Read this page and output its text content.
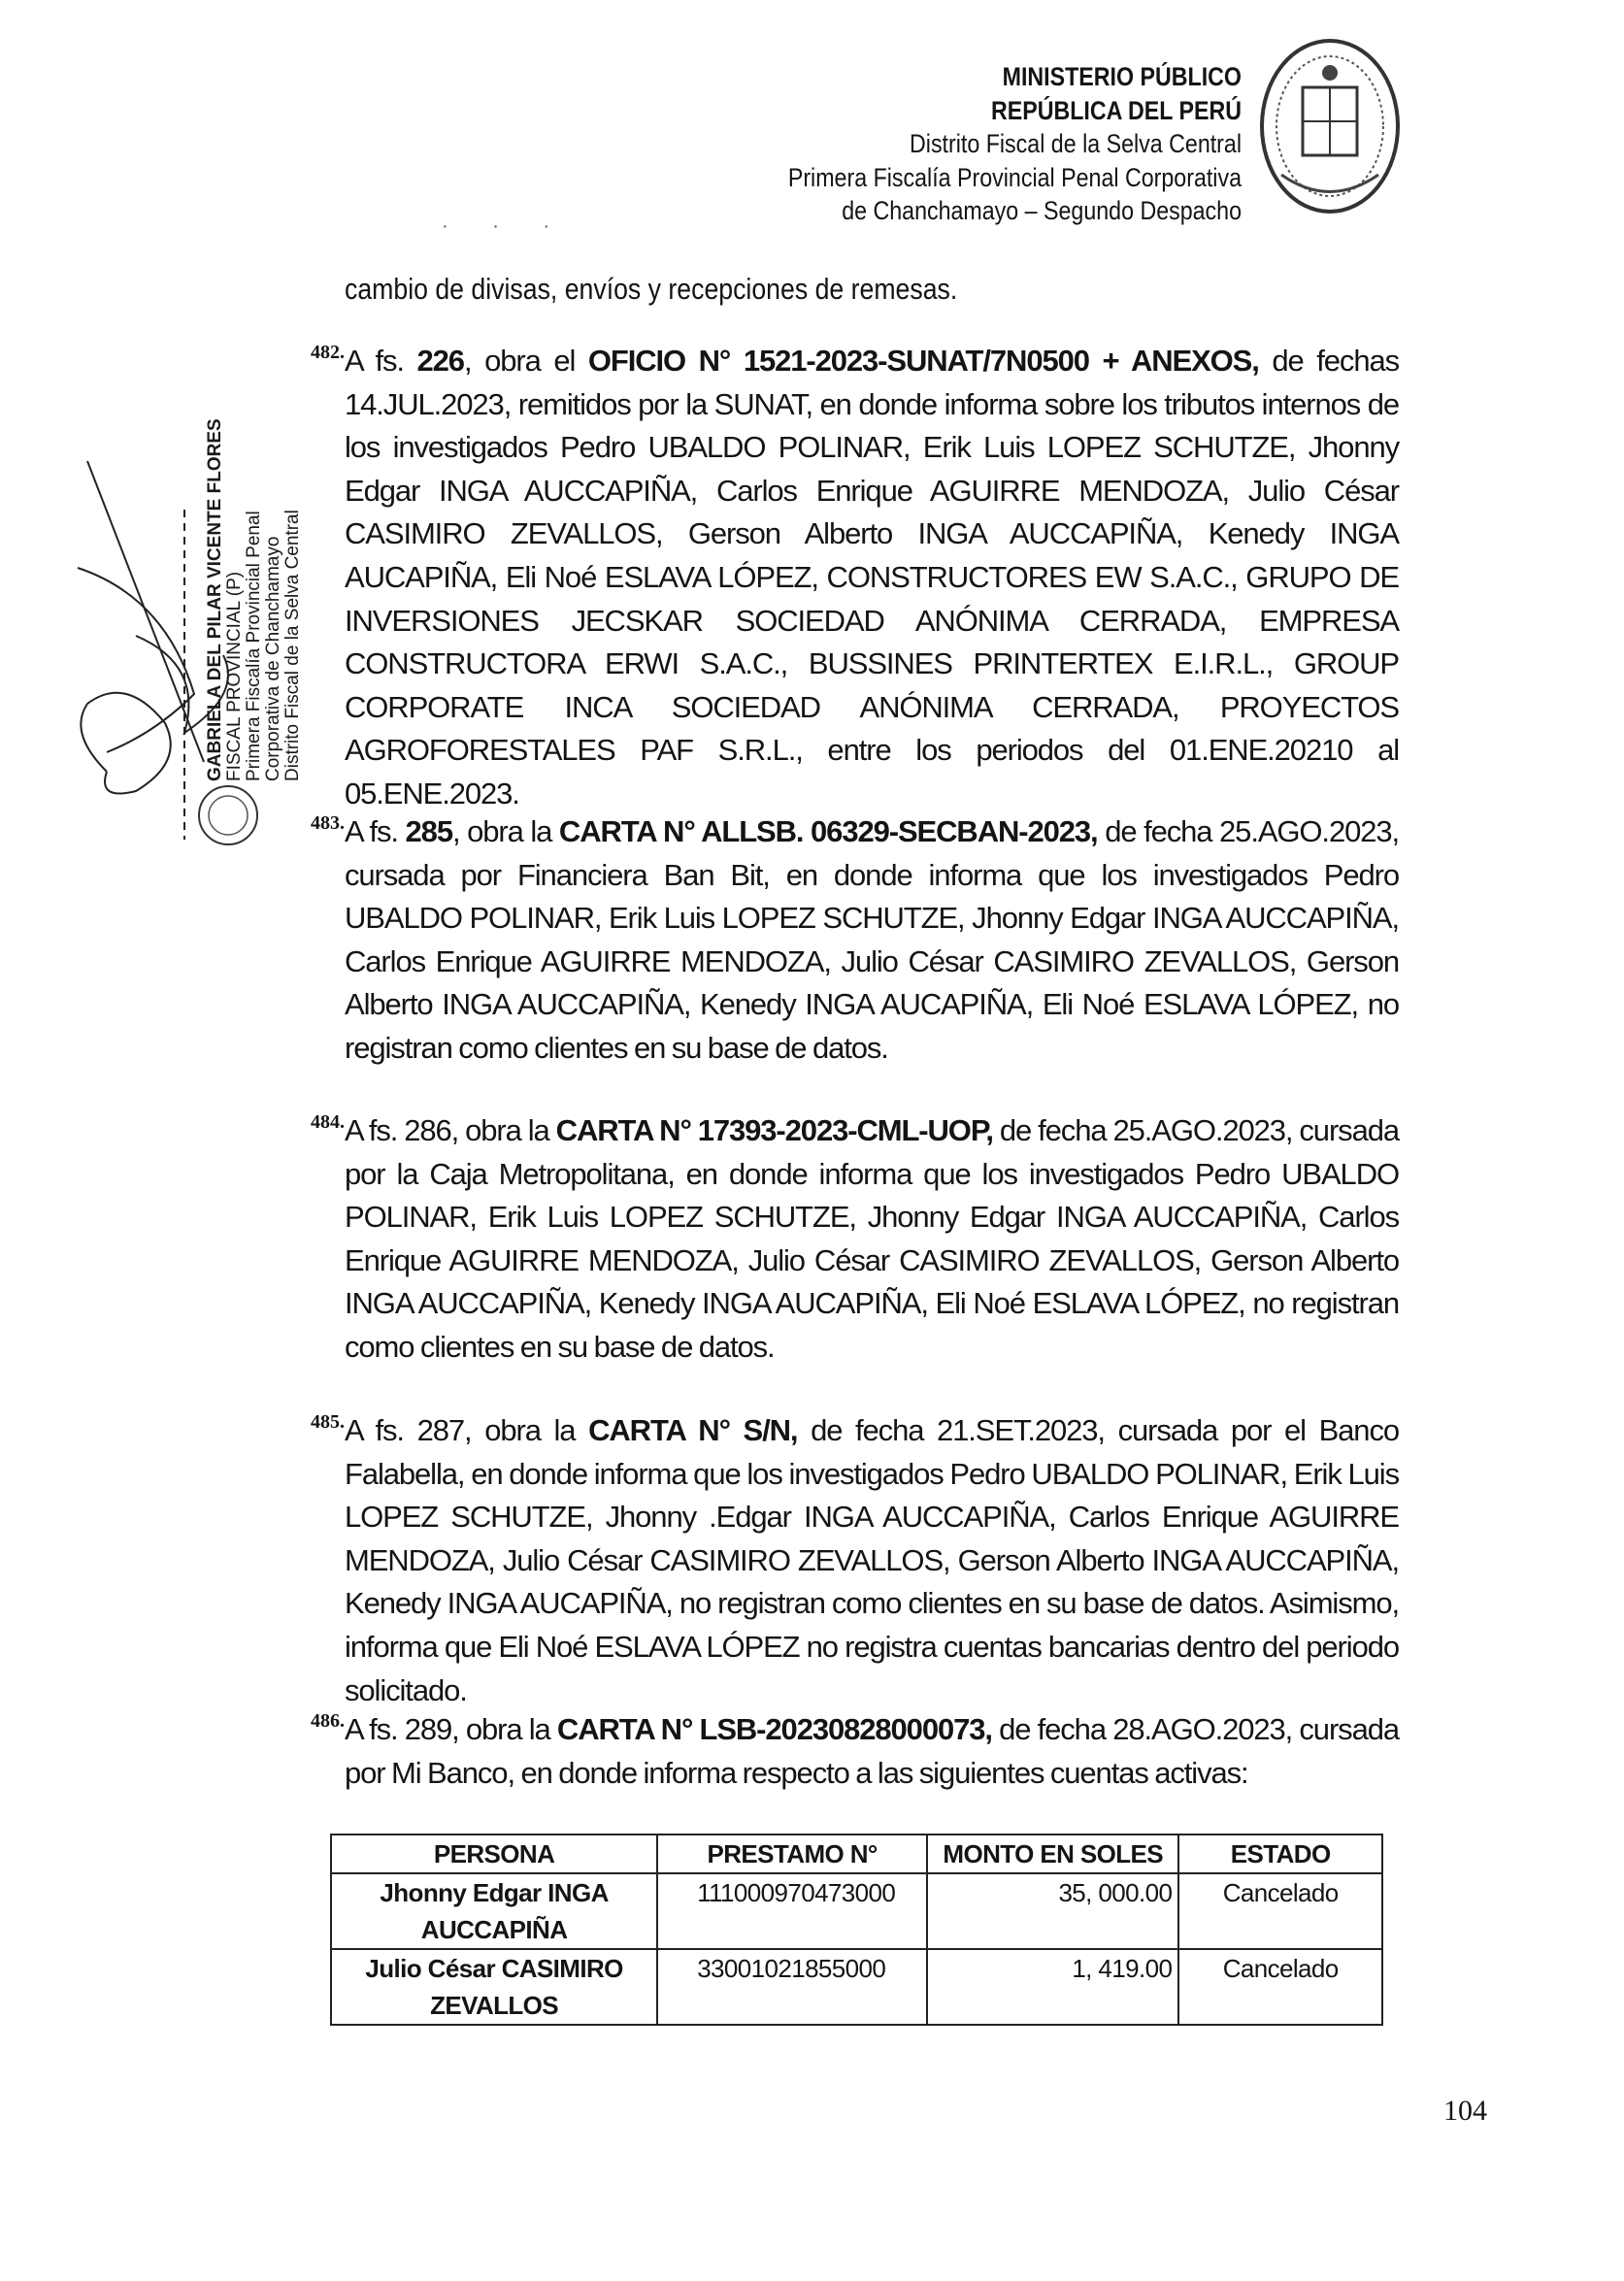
MINISTERIO PÚBLICO
REPÚBLICA DEL PERÚ
Distrito Fiscal de la Selva Central
Primera Fiscalía Provincial Penal Corporativa
de Chanchamayo – Segundo Despacho
· · ·
cambio de divisas, envíos y recepciones de remesas.
GABRIELA DEL PILAR VICENTE FLORES FISCAL PROVINCIAL (P) Primera Fiscalía Provincial Penal Corporativa de Chanchamayo Distrito Fiscal de la Selva Central
482. A fs. 226, obra el OFICIO N° 1521-2023-SUNAT/7N0500 + ANEXOS, de fechas 14.JUL.2023, remitidos por la SUNAT, en donde informa sobre los tributos internos de los investigados Pedro UBALDO POLINAR, Erik Luis LOPEZ SCHUTZE, Jhonny Edgar INGA AUCCAPIÑA, Carlos Enrique AGUIRRE MENDOZA, Julio César CASIMIRO ZEVALLOS, Gerson Alberto INGA AUCCAPIÑA, Kenedy INGA AUCAPIÑA, Eli Noé ESLAVA LÓPEZ, CONSTRUCTORES EW S.A.C., GRUPO DE INVERSIONES JECSKAR SOCIEDAD ANÓNIMA CERRADA, EMPRESA CONSTRUCTORA ERWI S.A.C., BUSSINES PRINTERTEX E.I.R.L., GROUP CORPORATE INCA SOCIEDAD ANÓNIMA CERRADA, PROYECTOS AGROFORESTALES PAF S.R.L., entre los periodos del 01.ENE.20210 al 05.ENE.2023.
483. A fs. 285, obra la CARTA N° ALLSB. 06329-SECBAN-2023, de fecha 25.AGO.2023, cursada por Financiera Ban Bit, en donde informa que los investigados Pedro UBALDO POLINAR, Erik Luis LOPEZ SCHUTZE, Jhonny Edgar INGA AUCCAPIÑA, Carlos Enrique AGUIRRE MENDOZA, Julio César CASIMIRO ZEVALLOS, Gerson Alberto INGA AUCCAPIÑA, Kenedy INGA AUCAPIÑA, Eli Noé ESLAVA LÓPEZ, no registran como clientes en su base de datos.
484. A fs. 286, obra la CARTA N° 17393-2023-CML-UOP, de fecha 25.AGO.2023, cursada por la Caja Metropolitana, en donde informa que los investigados Pedro UBALDO POLINAR, Erik Luis LOPEZ SCHUTZE, Jhonny Edgar INGA AUCCAPIÑA, Carlos Enrique AGUIRRE MENDOZA, Julio César CASIMIRO ZEVALLOS, Gerson Alberto INGA AUCCAPIÑA, Kenedy INGA AUCAPIÑA, Eli Noé ESLAVA LÓPEZ, no registran como clientes en su base de datos.
485. A fs. 287, obra la CARTA N° S/N, de fecha 21.SET.2023, cursada por el Banco Falabella, en donde informa que los investigados Pedro UBALDO POLINAR, Erik Luis LOPEZ SCHUTZE, Jhonny .Edgar INGA AUCCAPIÑA, Carlos Enrique AGUIRRE MENDOZA, Julio César CASIMIRO ZEVALLOS, Gerson Alberto INGA AUCCAPIÑA, Kenedy INGA AUCAPIÑA, no registran como clientes en su base de datos. Asimismo, informa que Eli Noé ESLAVA LÓPEZ no registra cuentas bancarias dentro del periodo solicitado.
486. A fs. 289, obra la CARTA N° LSB-20230828000073, de fecha 28.AGO.2023, cursada por Mi Banco, en donde informa respecto a las siguientes cuentas activas:
PERSONA	PRESTAMO N°	MONTO EN SOLES	ESTADO
Jhonny Edgar INGA AUCCAPIÑA	111000970473000	35, 000.00	Cancelado
Julio César CASIMIRO ZEVALLOS	33001021855000	1, 419.00	Cancelado
104
